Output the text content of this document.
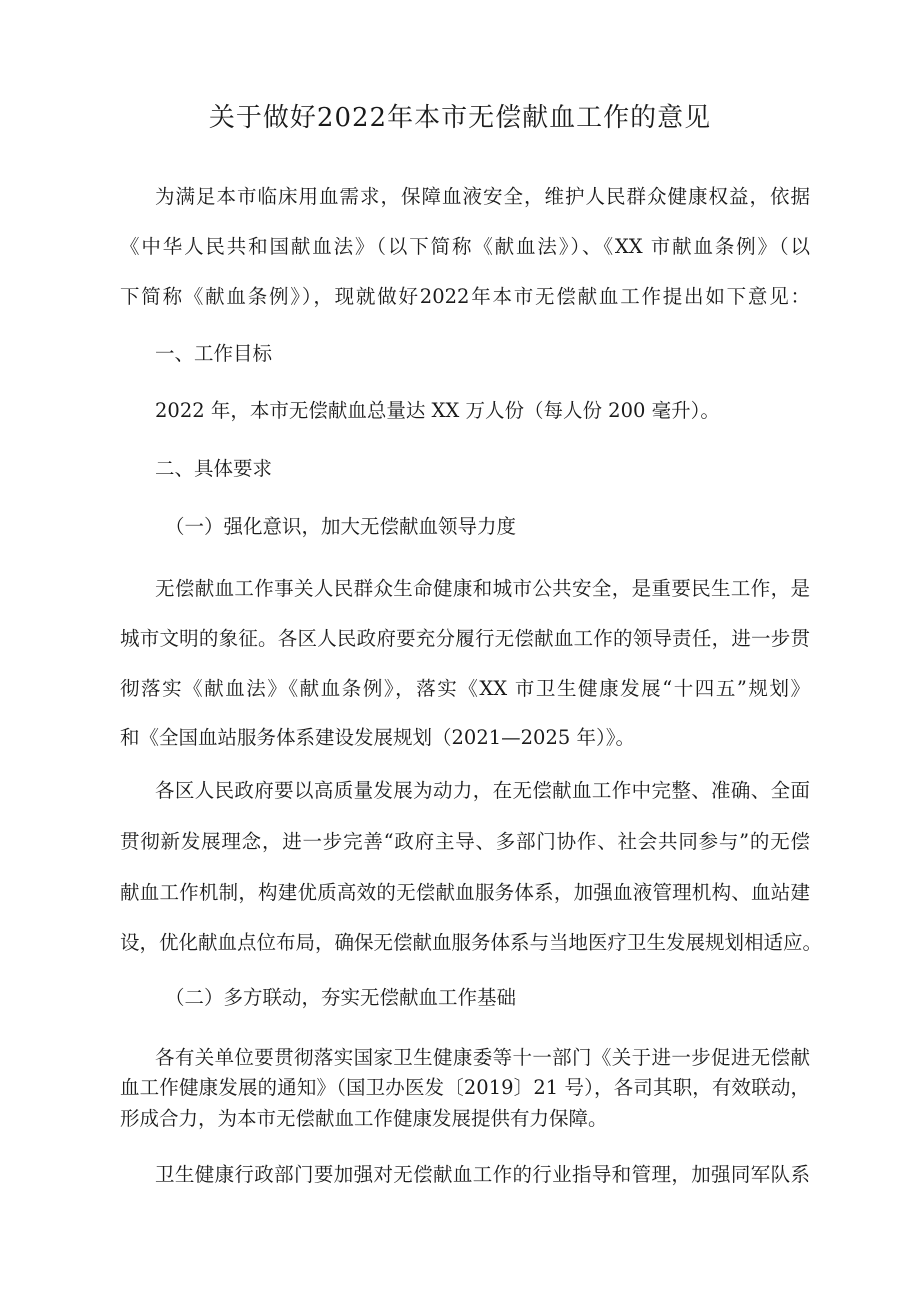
关于做好2022年本市无偿献血工作的意见

为满足本市临床用血需求，保障血液安全，维护人民群众健康权益，依据

《中华人民共和国献血法》（以下简称《献血法》）、《XX 市献血条例》（以

下简称《献血条例》），现就做好2022年本市无偿献血工作提出如下意见：

一、工作目标

2022 年，本市无偿献血总量达 XX 万人份（每人份 200 毫升）。

二、具体要求

（一）强化意识，加大无偿献血领导力度

无偿献血工作事关人民群众生命健康和城市公共安全，是重要民生工作，是

城市文明的象征。各区人民政府要充分履行无偿献血工作的领导责任，进一步贯

彻落实《献血法》《献血条例》，落实《XX 市卫生健康发展“十四五”规划》

和《全国血站服务体系建设发展规划（2021—2025 年）》。

各区人民政府要以高质量发展为动力，在无偿献血工作中完整、准确、全面

贯彻新发展理念，进一步完善“政府主导、多部门协作、社会共同参与”的无偿

献血工作机制，构建优质高效的无偿献血服务体系，加强血液管理机构、血站建

设，优化献血点位布局，确保无偿献血服务体系与当地医疗卫生发展规划相适应。

（二）多方联动，夯实无偿献血工作基础

各有关单位要贯彻落实国家卫生健康委等十一部门《关于进一步促进无偿献

血工作健康发展的通知》（国卫办医发〔2019〕21 号），各司其职，有效联动，

形成合力，为本市无偿献血工作健康发展提供有力保障。

卫生健康行政部门要加强对无偿献血工作的行业指导和管理，加强同军队系
